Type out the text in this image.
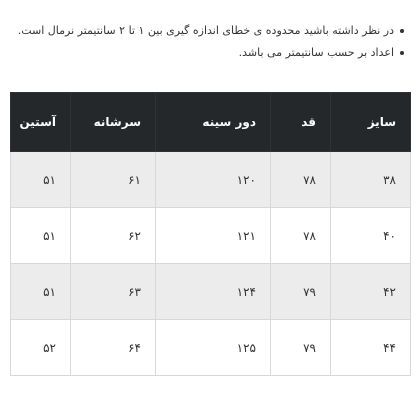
در نظر داشته باشید محدوده ی خطای اندازه گیری بین ۱ تا ۲ سانتیمتر نرمال است.
اعداد بر حسب سانتیمتر می باشد.
سایز	قد	دور سینه	سرشانه	آستین
۳۸	۷۸	۱۲۰	۶۱	۵۱
۴۰	۷۸	۱۲۱	۶۲	۵۱
۴۲	۷۹	۱۲۴	۶۳	۵۱
۴۴	۷۹	۱۲۵	۶۴	۵۲
